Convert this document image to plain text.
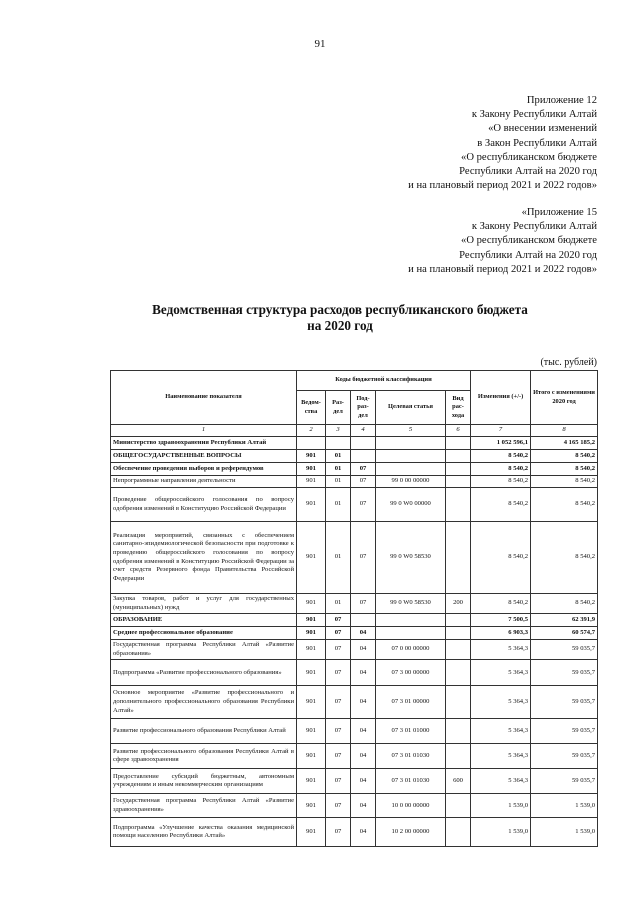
91
Приложение 12
к Закону Республики Алтай
«О внесении изменений
в Закон Республики Алтай
«О республиканском бюджете
Республики Алтай на 2020 год
и на плановый период 2021 и 2022 годов»
«Приложение 15
к Закону Республики Алтай
«О республиканском бюджете
Республики Алтай на 2020 год
и на плановый период 2021 и 2022 годов»
Ведомственная структура расходов республиканского бюджета
на 2020 год
(тыс. рублей)
Наименование показателя	Коды бюджетной классификации					Изменения (+/-)	Итого с изменениями 2020 год
	Ведом-ства	Раз-дел	Под-раз-дел	Целевая статья	Вид рас-хода		
1	2	3	4	5	6	7	8
Министерство здравоохранения Республики Алтай						1 052 596,1	4 165 185,2
ОБЩЕГОСУДАРСТВЕННЫЕ ВОПРОСЫ	901	01				8 540,2	8 540,2
Обеспечение проведения выборов и референдумов	901	01	07			8 540,2	8 540,2
Непрограммные направления деятельности	901	01	07	99 0 00 00000		8 540,2	8 540,2
Проведение общероссийского голосования по вопросу одобрения изменений в Конституцию Российской Федерации	901	01	07	99 0 W0 00000		8 540,2	8 540,2
Реализация мероприятий, связанных с обеспечением санитарно-эпидемиологической безопасности при подготовке к проведению общероссийского голосования по вопросу одобрения изменений в Конституцию Российской Федерации за счет средств Резервного фонда Правительства Российской Федерации	901	01	07	99 0 W0 58530		8 540,2	8 540,2
Закупка товаров, работ и услуг для государственных (муниципальных) нужд	901	01	07	99 0 W0 58530	200	8 540,2	8 540,2
ОБРАЗОВАНИЕ	901	07				7 500,5	62 391,9
Среднее профессиональное образование	901	07	04			6 903,3	60 574,7
Государственная программа Республики Алтай «Развитие образования»	901	07	04	07 0 00 00000		5 364,3	59 035,7
Подпрограмма «Развитие профессионального образования»	901	07	04	07 3 00 00000		5 364,3	59 035,7
Основное мероприятие «Развитие профессионального и дополнительного профессионального образования Республики Алтай»	901	07	04	07 3 01 00000		5 364,3	59 035,7
Развитие профессионального образования Республики Алтай	901	07	04	07 3 01 01000		5 364,3	59 035,7
Развитие профессионального образования Республики Алтай в сфере здравоохранения	901	07	04	07 3 01 01030		5 364,3	59 035,7
Предоставление субсидий бюджетным, автономным учреждениям и иным некоммерческим организациям	901	07	04	07 3 01 01030	600	5 364,3	59 035,7
Государственная программа Республики Алтай «Развитие здравоохранения»	901	07	04	10 0 00 00000		1 539,0	1 539,0
Подпрограмма «Улучшение качества оказания медицинской помощи населению Республики Алтай»	901	07	04	10 2 00 00000		1 539,0	1 539,0
